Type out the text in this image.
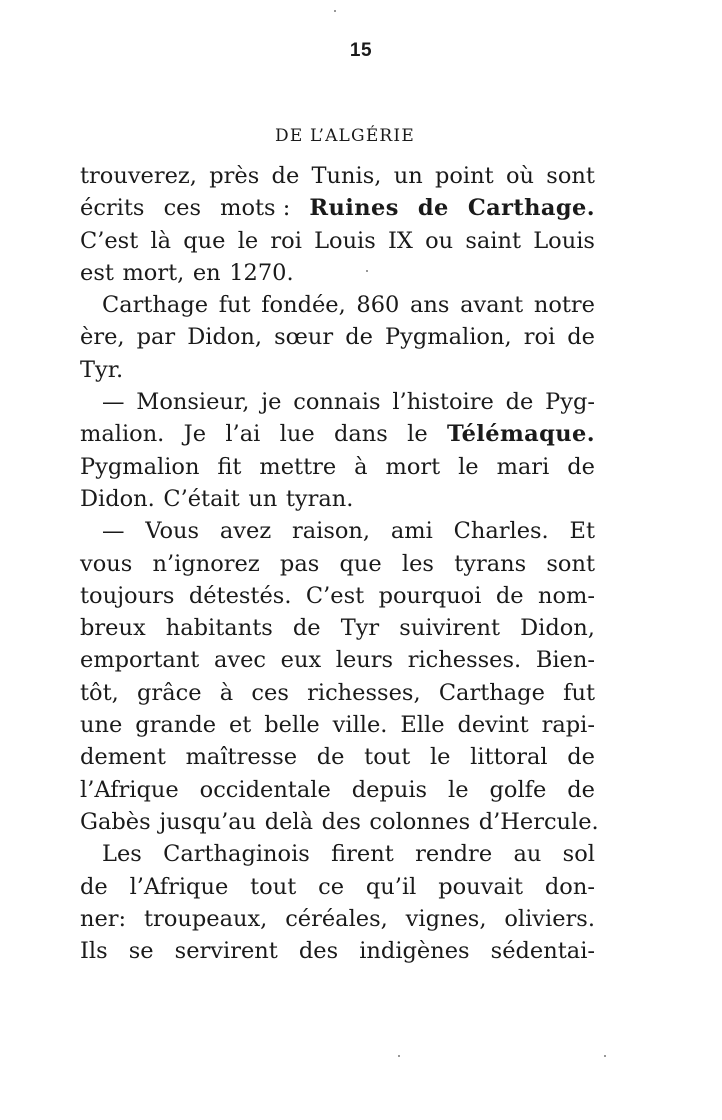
15
DE L’ALGÉRIE
trouverez, près de Tunis, un point où sont
écrits ces mots : Ruines de Carthage.
C’est là que le roi Louis IX ou saint Louis
est mort, en 1270.
Carthage fut fondée, 860 ans avant notre
ère, par Didon, sœur de Pygmalion, roi de
Tyr.
— Monsieur, je connais l’histoire de Pyg-
malion. Je l’ai lue dans le Télémaque.
Pygmalion fit mettre à mort le mari de
Didon. C’était un tyran.
— Vous avez raison, ami Charles. Et
vous n’ignorez pas que les tyrans sont
toujours détestés. C’est pourquoi de nom-
breux habitants de Tyr suivirent Didon,
emportant avec eux leurs richesses. Bien-
tôt, grâce à ces richesses, Carthage fut
une grande et belle ville. Elle devint rapi-
dement maîtresse de tout le littoral de
l’Afrique occidentale depuis le golfe de
Gabès jusqu’au delà des colonnes d’Hercule.
Les Carthaginois firent rendre au sol
de l’Afrique tout ce qu’il pouvait don-
ner: troupeaux, céréales, vignes, oliviers.
Ils se servirent des indigènes sédentai-
